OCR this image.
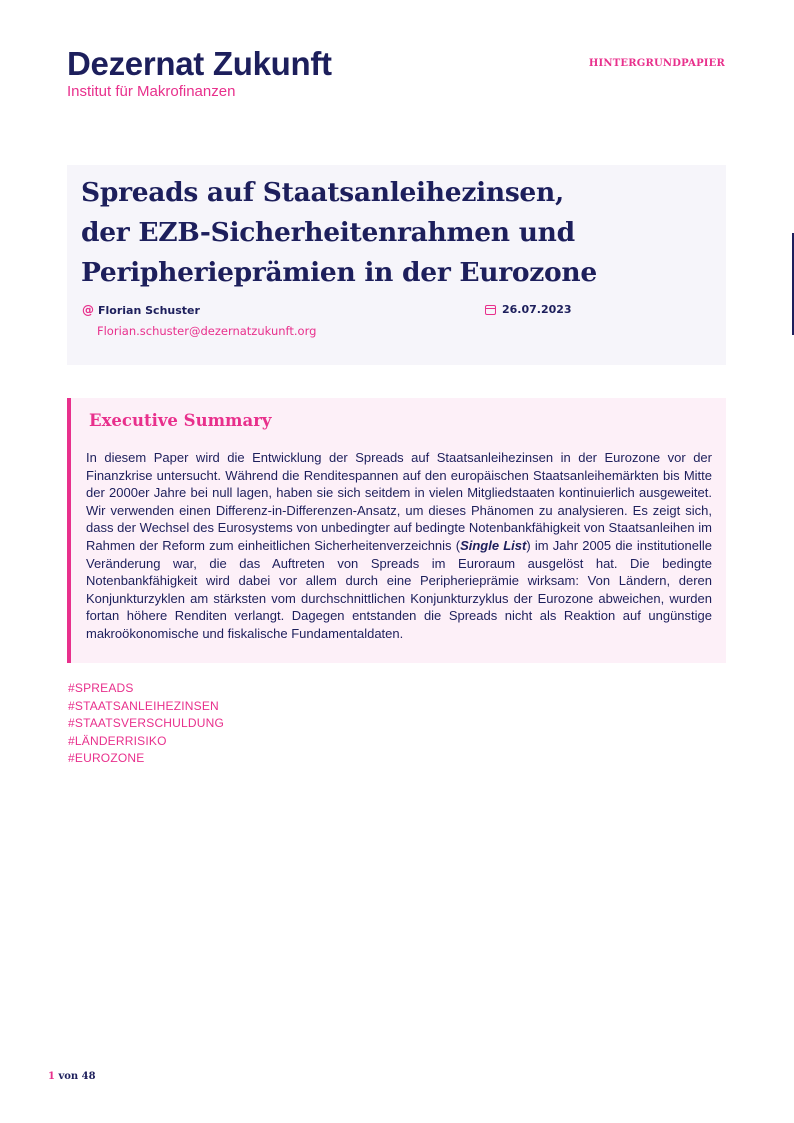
Dezernat Zukunft
Institut für Makrofinanzen
HINTERGRUNDPAPIER
Spreads auf Staatsanleihezinsen,
der EZB-Sicherheitenrahmen und
Peripherieprämien in der Eurozone
@ Florian Schuster
Florian.schuster@dezernatzukunft.org
26.07.2023
Executive Summary

In diesem Paper wird die Entwicklung der Spreads auf Staatsanleihezinsen in der Eurozone vor der Finanzkrise untersucht. Während die Renditespannen auf den europäischen Staatsanleihemärkten bis Mitte der 2000er Jahre bei null lagen, haben sie sich seitdem in vielen Mitgliedstaaten kontinuierlich ausgeweitet. Wir verwenden einen Differenz-in-Differenzen-Ansatz, um dieses Phänomen zu analysieren. Es zeigt sich, dass der Wechsel des Eurosystems von unbedingter auf bedingte Notenbankfähigkeit von Staatsanleihen im Rahmen der Reform zum einheitlichen Sicherheitenverzeichnis (Single List) im Jahr 2005 die institutionelle Veränderung war, die das Auftreten von Spreads im Euroraum ausgelöst hat. Die bedingte Notenbankfähigkeit wird dabei vor allem durch eine Peripherieprämie wirksam: Von Ländern, deren Konjunkturzyklen am stärksten vom durchschnittlichen Konjunkturzyklus der Eurozone abweichen, wurden fortan höhere Renditen verlangt. Dagegen entstanden die Spreads nicht als Reaktion auf ungünstige makroökonomische und fiskalische Fundamentaldaten.

#SPREADS
#STAATSANLEIHEZINSEN
#STAATSVERSCHULDUNG
#LÄNDERRISIKO
#EUROZONE
1 von 48
